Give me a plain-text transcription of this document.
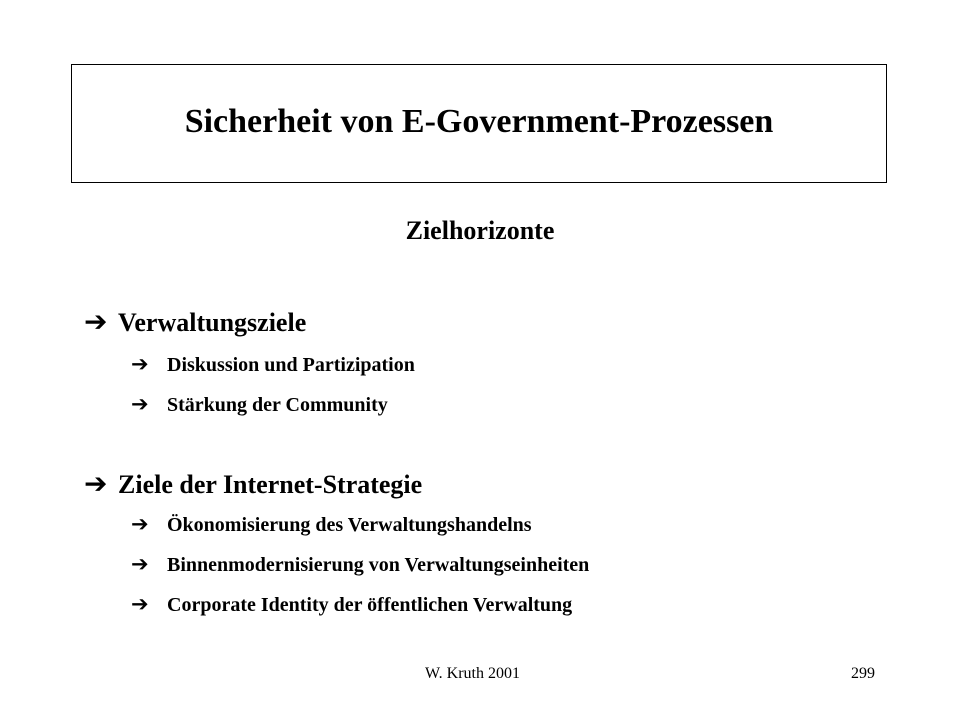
Sicherheit von E-Government-Prozessen
Zielhorizonte
➔ Verwaltungsziele
➔ Diskussion und Partizipation
➔ Stärkung der Community
➔ Ziele der Internet-Strategie
➔ Ökonomisierung des Verwaltungshandelns
➔ Binnenmodernisierung von Verwaltungseinheiten
➔ Corporate Identity der öffentlichen Verwaltung
W. Kruth 2001	299
